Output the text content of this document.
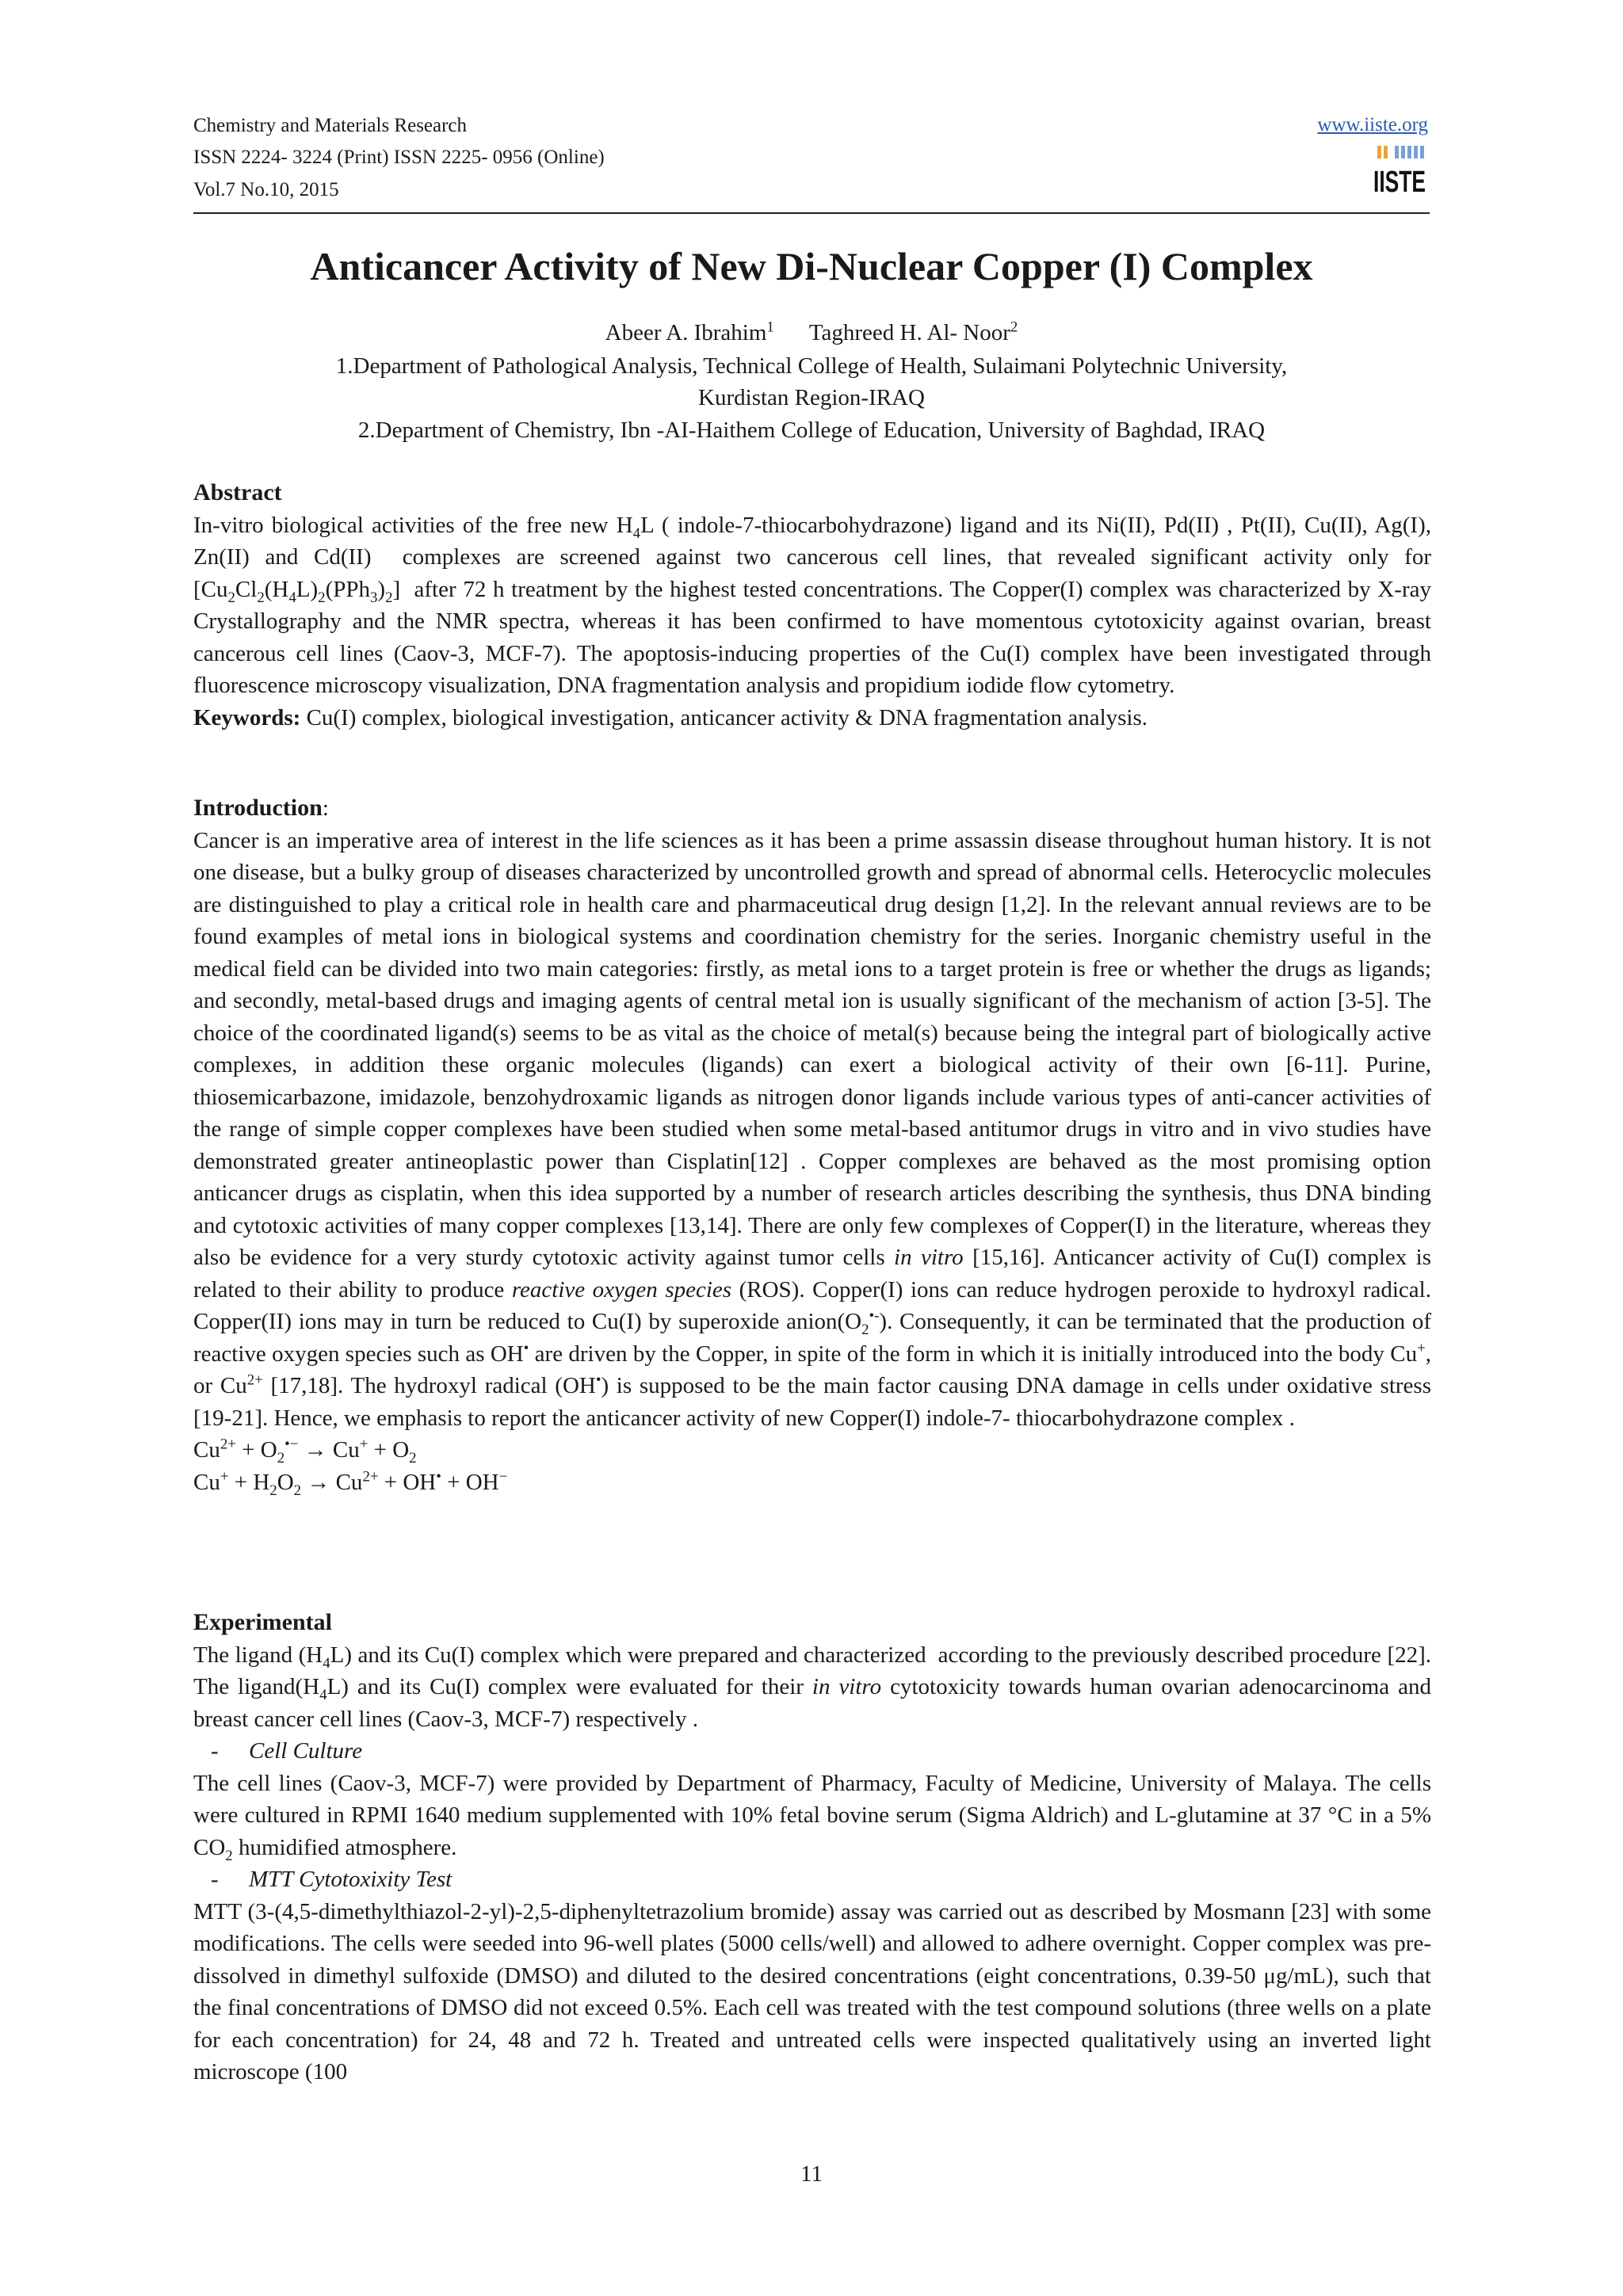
Chemistry and Materials Research
ISSN 2224- 3224 (Print) ISSN 2225- 0956 (Online)
Vol.7 No.10, 2015
www.iiste.org
IISTE
Anticancer Activity of New Di-Nuclear Copper (I) Complex
Abeer A. Ibrahim$^1$ Taghreed H. Al- Noor$^2$
1.Department of Pathological Analysis, Technical College of Health, Sulaimani Polytechnic University,
Kurdistan Region-IRAQ
2.Department of Chemistry, Ibn -AI-Haithem College of Education, University of Baghdad, IRAQ
Abstract
In-vitro biological activities of the free new $H_4L$ ( indole-7-thiocarbohydrazone) ligand and its Ni(II), Pd(II) , Pt(II), Cu(II), Ag(I), Zn(II) and Cd(II)  complexes are screened against two cancerous cell lines, that revealed significant activity only for $[Cu_2Cl_2(H_4L)_2(PPh_3)_2]$  after 72 h treatment by the highest tested concentrations. The Copper(I) complex was characterized by X-ray Crystallography and the NMR spectra, whereas it has been confirmed to have momentous cytotoxicity against ovarian, breast cancerous cell lines (Caov-3, MCF-7). The apoptosis-inducing properties of the Cu(I) complex have been investigated through fluorescence microscopy visualization, DNA fragmentation analysis and propidium iodide flow cytometry.
Keywords: Cu(I) complex, biological investigation, anticancer activity & DNA fragmentation analysis.
Introduction:
Cancer is an imperative area of interest in the life sciences as it has been a prime assassin disease throughout human history. It is not one disease, but a bulky group of diseases characterized by uncontrolled growth and spread of abnormal cells. Heterocyclic molecules are distinguished to play a critical role in health care and pharmaceutical drug design [1,2]. In the relevant annual reviews are to be found examples of metal ions in biological systems and coordination chemistry for the series. Inorganic chemistry useful in the medical field can be divided into two main categories: firstly, as metal ions to a target protein is free or whether the drugs as ligands; and secondly, metal-based drugs and imaging agents of central metal ion is usually significant of the mechanism of action [3-5]. The choice of the coordinated ligand(s) seems to be as vital as the choice of metal(s) because being the integral part of biologically active complexes, in addition these organic molecules (ligands) can exert a biological activity of their own [6-11]. Purine, thiosemicarbazone, imidazole, benzohydroxamic ligands as nitrogen donor ligands include various types of anti-cancer activities of the range of simple copper complexes have been studied when some metal-based antitumor drugs in vitro and in vivo studies have demonstrated greater antineoplastic power than Cisplatin[12] . Copper complexes are behaved as the most promising option anticancer drugs as cisplatin, when this idea supported by a number of research articles describing the synthesis, thus DNA binding and cytotoxic activities of many copper complexes [13,14]. There are only few complexes of Copper(I) in the literature, whereas they also be evidence for a very sturdy cytotoxic activity against tumor cells in vitro [15,16]. Anticancer activity of Cu(I) complex is related to their ability to produce reactive oxygen species (ROS). Copper(I) ions can reduce hydrogen peroxide to hydroxyl radical. Copper(II) ions may in turn be reduced to Cu(I) by superoxide $anion(O_2^{•-})$. Consequently, it can be terminated that the production of reactive oxygen species such as OH• are driven by the Copper, in spite of the form in which it is initially introduced into the body Cu+, or $Cu^{2+}$ [17,18]. The hydroxyl radical (OH•) is supposed to be the main factor causing DNA damage in cells under oxidative stress [19-21]. Hence, we emphasis to report the anticancer activity of new Copper(I) indole-7- thiocarbohydrazone complex .
$Cu^{2+} + O_2^{•-} \to Cu^+ + O_2$
$Cu^+ + H_2O_2 \to Cu^{2+} + OH^• + OH^-$
Experimental
The ligand $(H_4L)$ and its Cu(I) complex which were prepared and characterized  according to the previously described procedure [22]. The $ligand(H_4L)$ and its Cu(I) complex were evaluated for their in vitro cytotoxicity towards human ovarian adenocarcinoma and breast cancer cell lines (Caov-3, MCF-7) respectively .
- Cell Culture
The cell lines (Caov-3, MCF-7) were provided by Department of Pharmacy, Faculty of Medicine, University of Malaya. The cells were cultured in RPMI 1640 medium supplemented with 10% fetal bovine serum (Sigma Aldrich) and L-glutamine at 37 °C in a 5% $CO_2$ humidified atmosphere.
- MTT Cytotoxixity Test
MTT (3-(4,5-dimethylthiazol-2-yl)-2,5-diphenyltetrazolium bromide) assay was carried out as described by Mosmann [23] with some modifications. The cells were seeded into 96-well plates (5000 cells/well) and allowed to adhere overnight. Copper complex was pre-dissolved in dimethyl sulfoxide (DMSO) and diluted to the desired concentrations (eight concentrations, 0.39-50 μg/mL), such that the final concentrations of DMSO did not exceed 0.5%. Each cell was treated with the test compound solutions (three wells on a plate for each concentration) for 24, 48 and 72 h. Treated and untreated cells were inspected qualitatively using an inverted light microscope (100
11
